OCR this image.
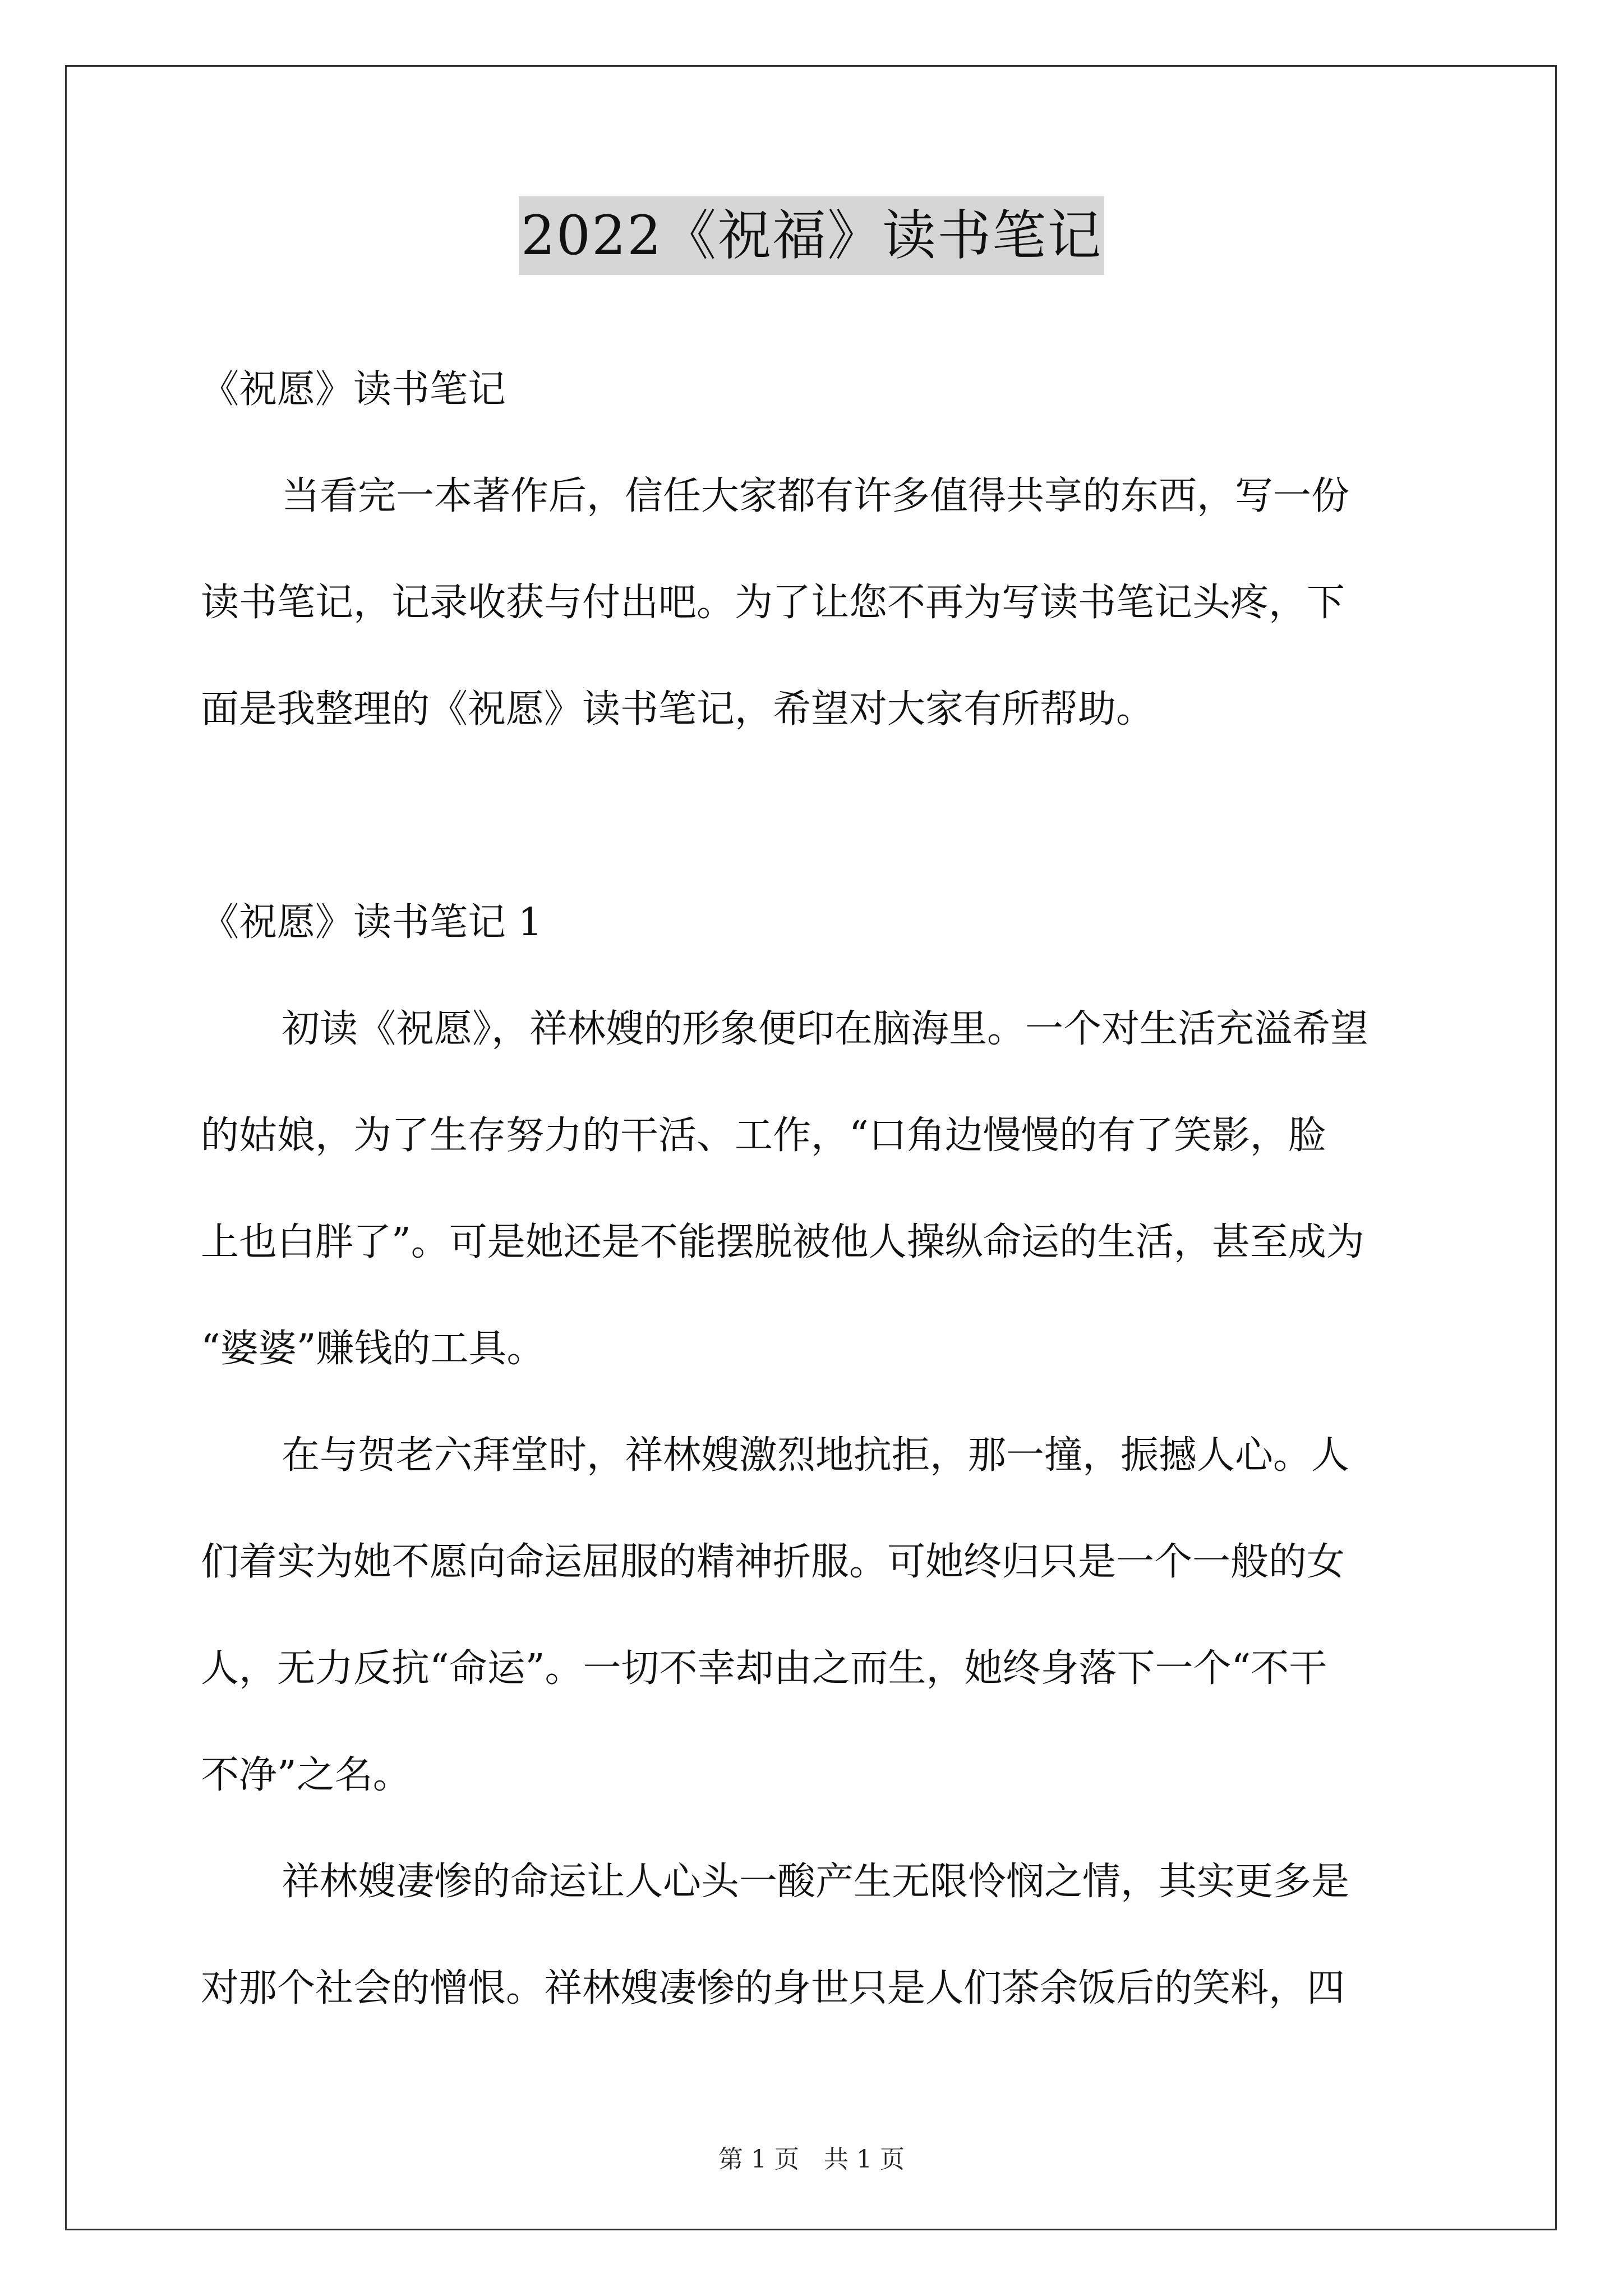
2022《祝福》读书笔记
《祝愿》读书笔记
当看完一本著作后，信任大家都有许多值得共享的东西，写一份
读书笔记，记录收获与付出吧。为了让您不再为写读书笔记头疼，下
面是我整理的《祝愿》读书笔记，希望对大家有所帮助。
《祝愿》读书笔记 1
初读《祝愿》，祥林嫂的形象便印在脑海里。一个对生活充溢希望
的姑娘，为了生存努力的干活、工作，“口角边慢慢的有了笑影，脸
上也白胖了”。可是她还是不能摆脱被他人操纵命运的生活，甚至成为
“婆婆”赚钱的工具。
在与贺老六拜堂时，祥林嫂激烈地抗拒，那一撞，振撼人心。人
们着实为她不愿向命运屈服的精神折服。可她终归只是一个一般的女
人，无力反抗“命运”。一切不幸却由之而生，她终身落下一个“不干
不净”之名。
祥林嫂凄惨的命运让人心头一酸产生无限怜悯之情，其实更多是
对那个社会的憎恨。祥林嫂凄惨的身世只是人们茶余饭后的笑料，四
第 1 页　共 1 页
